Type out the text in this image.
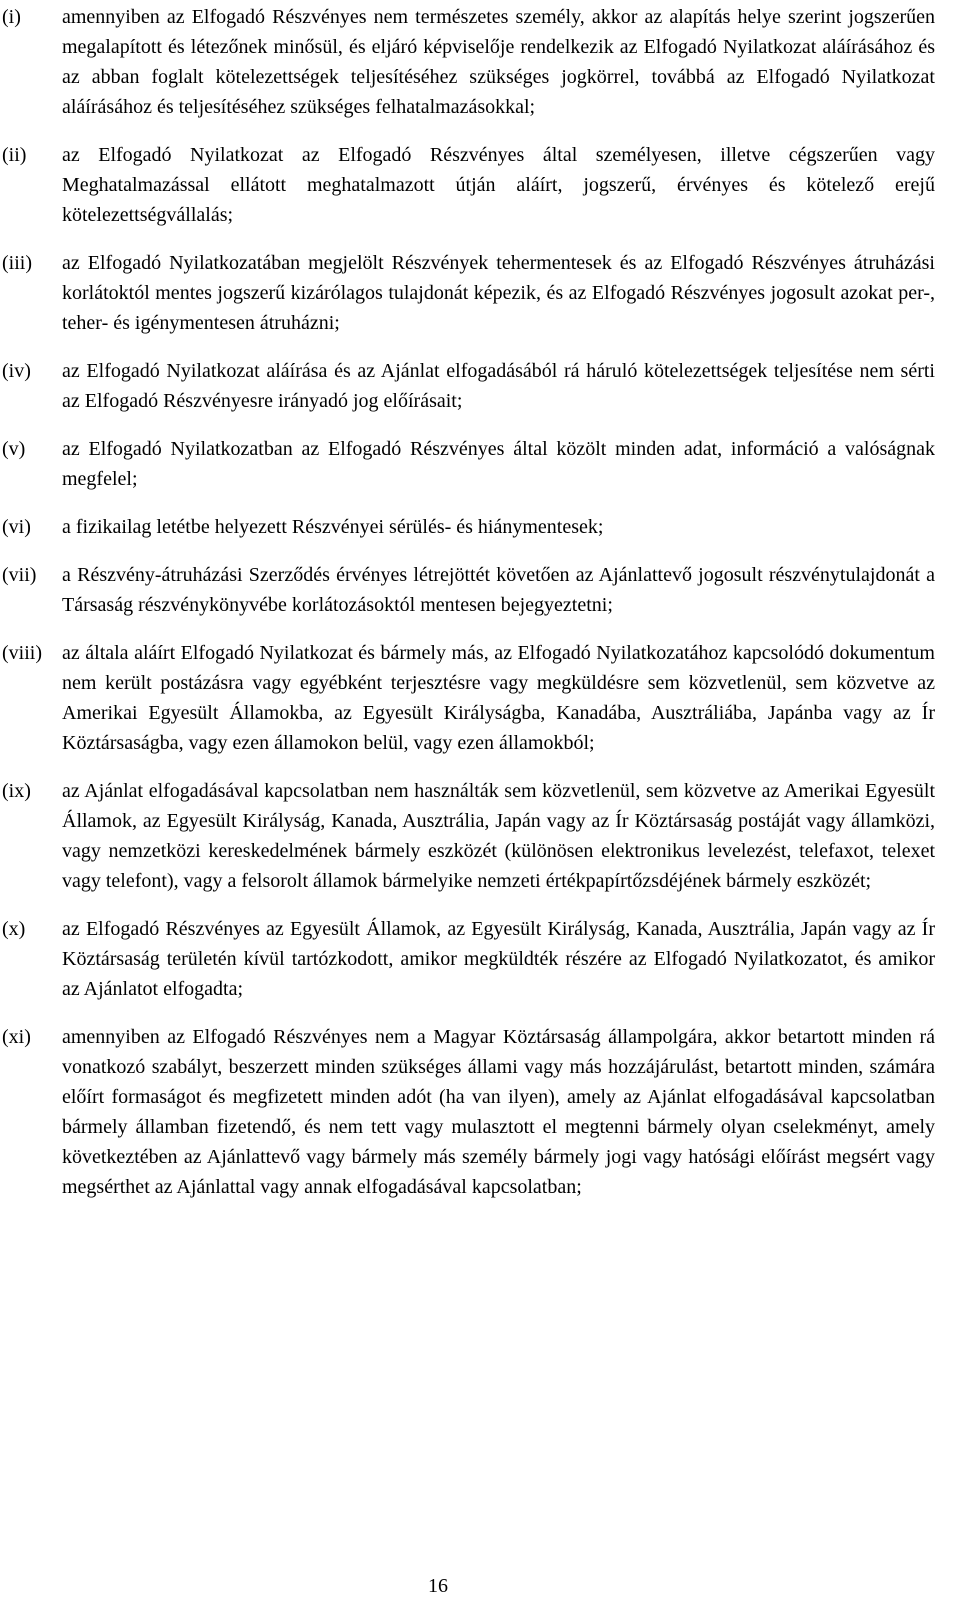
(i) amennyiben az Elfogadó Részvényes nem természetes személy, akkor az alapítás helye szerint jogszerűen megalapított és létezőnek minősül, és eljáró képviselője rendelkezik az Elfogadó Nyilatkozat aláírásához és az abban foglalt kötelezettségek teljesítéséhez szükséges jogkörrel, továbbá az Elfogadó Nyilatkozat aláírásához és teljesítéséhez szükséges felhatalmazásokkal;
(ii) az Elfogadó Nyilatkozat az Elfogadó Részvényes által személyesen, illetve cégszerűen vagy Meghatalmazással ellátott meghatalmazott útján aláírt, jogszerű, érvényes és kötelező erejű kötelezettségvállalás;
(iii) az Elfogadó Nyilatkozatában megjelölt Részvények tehermentesek és az Elfogadó Részvényes átruházási korlátoktól mentes jogszerű kizárólagos tulajdonát képezik, és az Elfogadó Részvényes jogosult azokat per-, teher- és igénymentesen átruházni;
(iv) az Elfogadó Nyilatkozat aláírása és az Ajánlat elfogadásából rá háruló kötelezettségek teljesítése nem sérti az Elfogadó Részvényesre irányadó jog előírásait;
(v) az Elfogadó Nyilatkozatban az Elfogadó Részvényes által közölt minden adat, információ a valóságnak megfelel;
(vi) a fizikailag letétbe helyezett Részvényei sérülés- és hiánymentesek;
(vii) a Részvény-átruházási Szerződés érvényes létrejöttét követően az Ajánlattevő jogosult részvénytulajdonát a Társaság részvénykönyvébe korlátozásoktól mentesen bejegyeztetni;
(viii) az általa aláírt Elfogadó Nyilatkozat és bármely más, az Elfogadó Nyilatkozatához kapcsolódó dokumentum nem került postázásra vagy egyébként terjesztésre vagy megküldésre sem közvetlenül, sem közvetve az Amerikai Egyesült Államokba, az Egyesült Királyságba, Kanadába, Ausztráliába, Japánba vagy az Ír Köztársaságba, vagy ezen államokon belül, vagy ezen államokból;
(ix) az Ajánlat elfogadásával kapcsolatban nem használták sem közvetlenül, sem közvetve az Amerikai Egyesült Államok, az Egyesült Királyság, Kanada, Ausztrália, Japán vagy az Ír Köztársaság postáját vagy államközi, vagy nemzetközi kereskedelmének bármely eszközét (különösen elektronikus levelezést, telefaxot, telexet vagy telefont), vagy a felsorolt államok bármelyike nemzeti értékpapírtőzsdéjének bármely eszközét;
(x) az Elfogadó Részvényes az Egyesült Államok, az Egyesült Királyság, Kanada, Ausztrália, Japán vagy az Ír Köztársaság területén kívül tartózkodott, amikor megküldték részére az Elfogadó Nyilatkozatot, és amikor az Ajánlatot elfogadta;
(xi) amennyiben az Elfogadó Részvényes nem a Magyar Köztársaság állampolgára, akkor betartott minden rá vonatkozó szabályt, beszerzett minden szükséges állami vagy más hozzájárulást, betartott minden, számára előírt formaságot és megfizetett minden adót (ha van ilyen), amely az Ajánlat elfogadásával kapcsolatban bármely államban fizetendő, és nem tett vagy mulasztott el megtenni bármely olyan cselekményt, amely következtében az Ajánlattevő vagy bármely más személy bármely jogi vagy hatósági előírást megsért vagy megsérthet az Ajánlattal vagy annak elfogadásával kapcsolatban;
16
